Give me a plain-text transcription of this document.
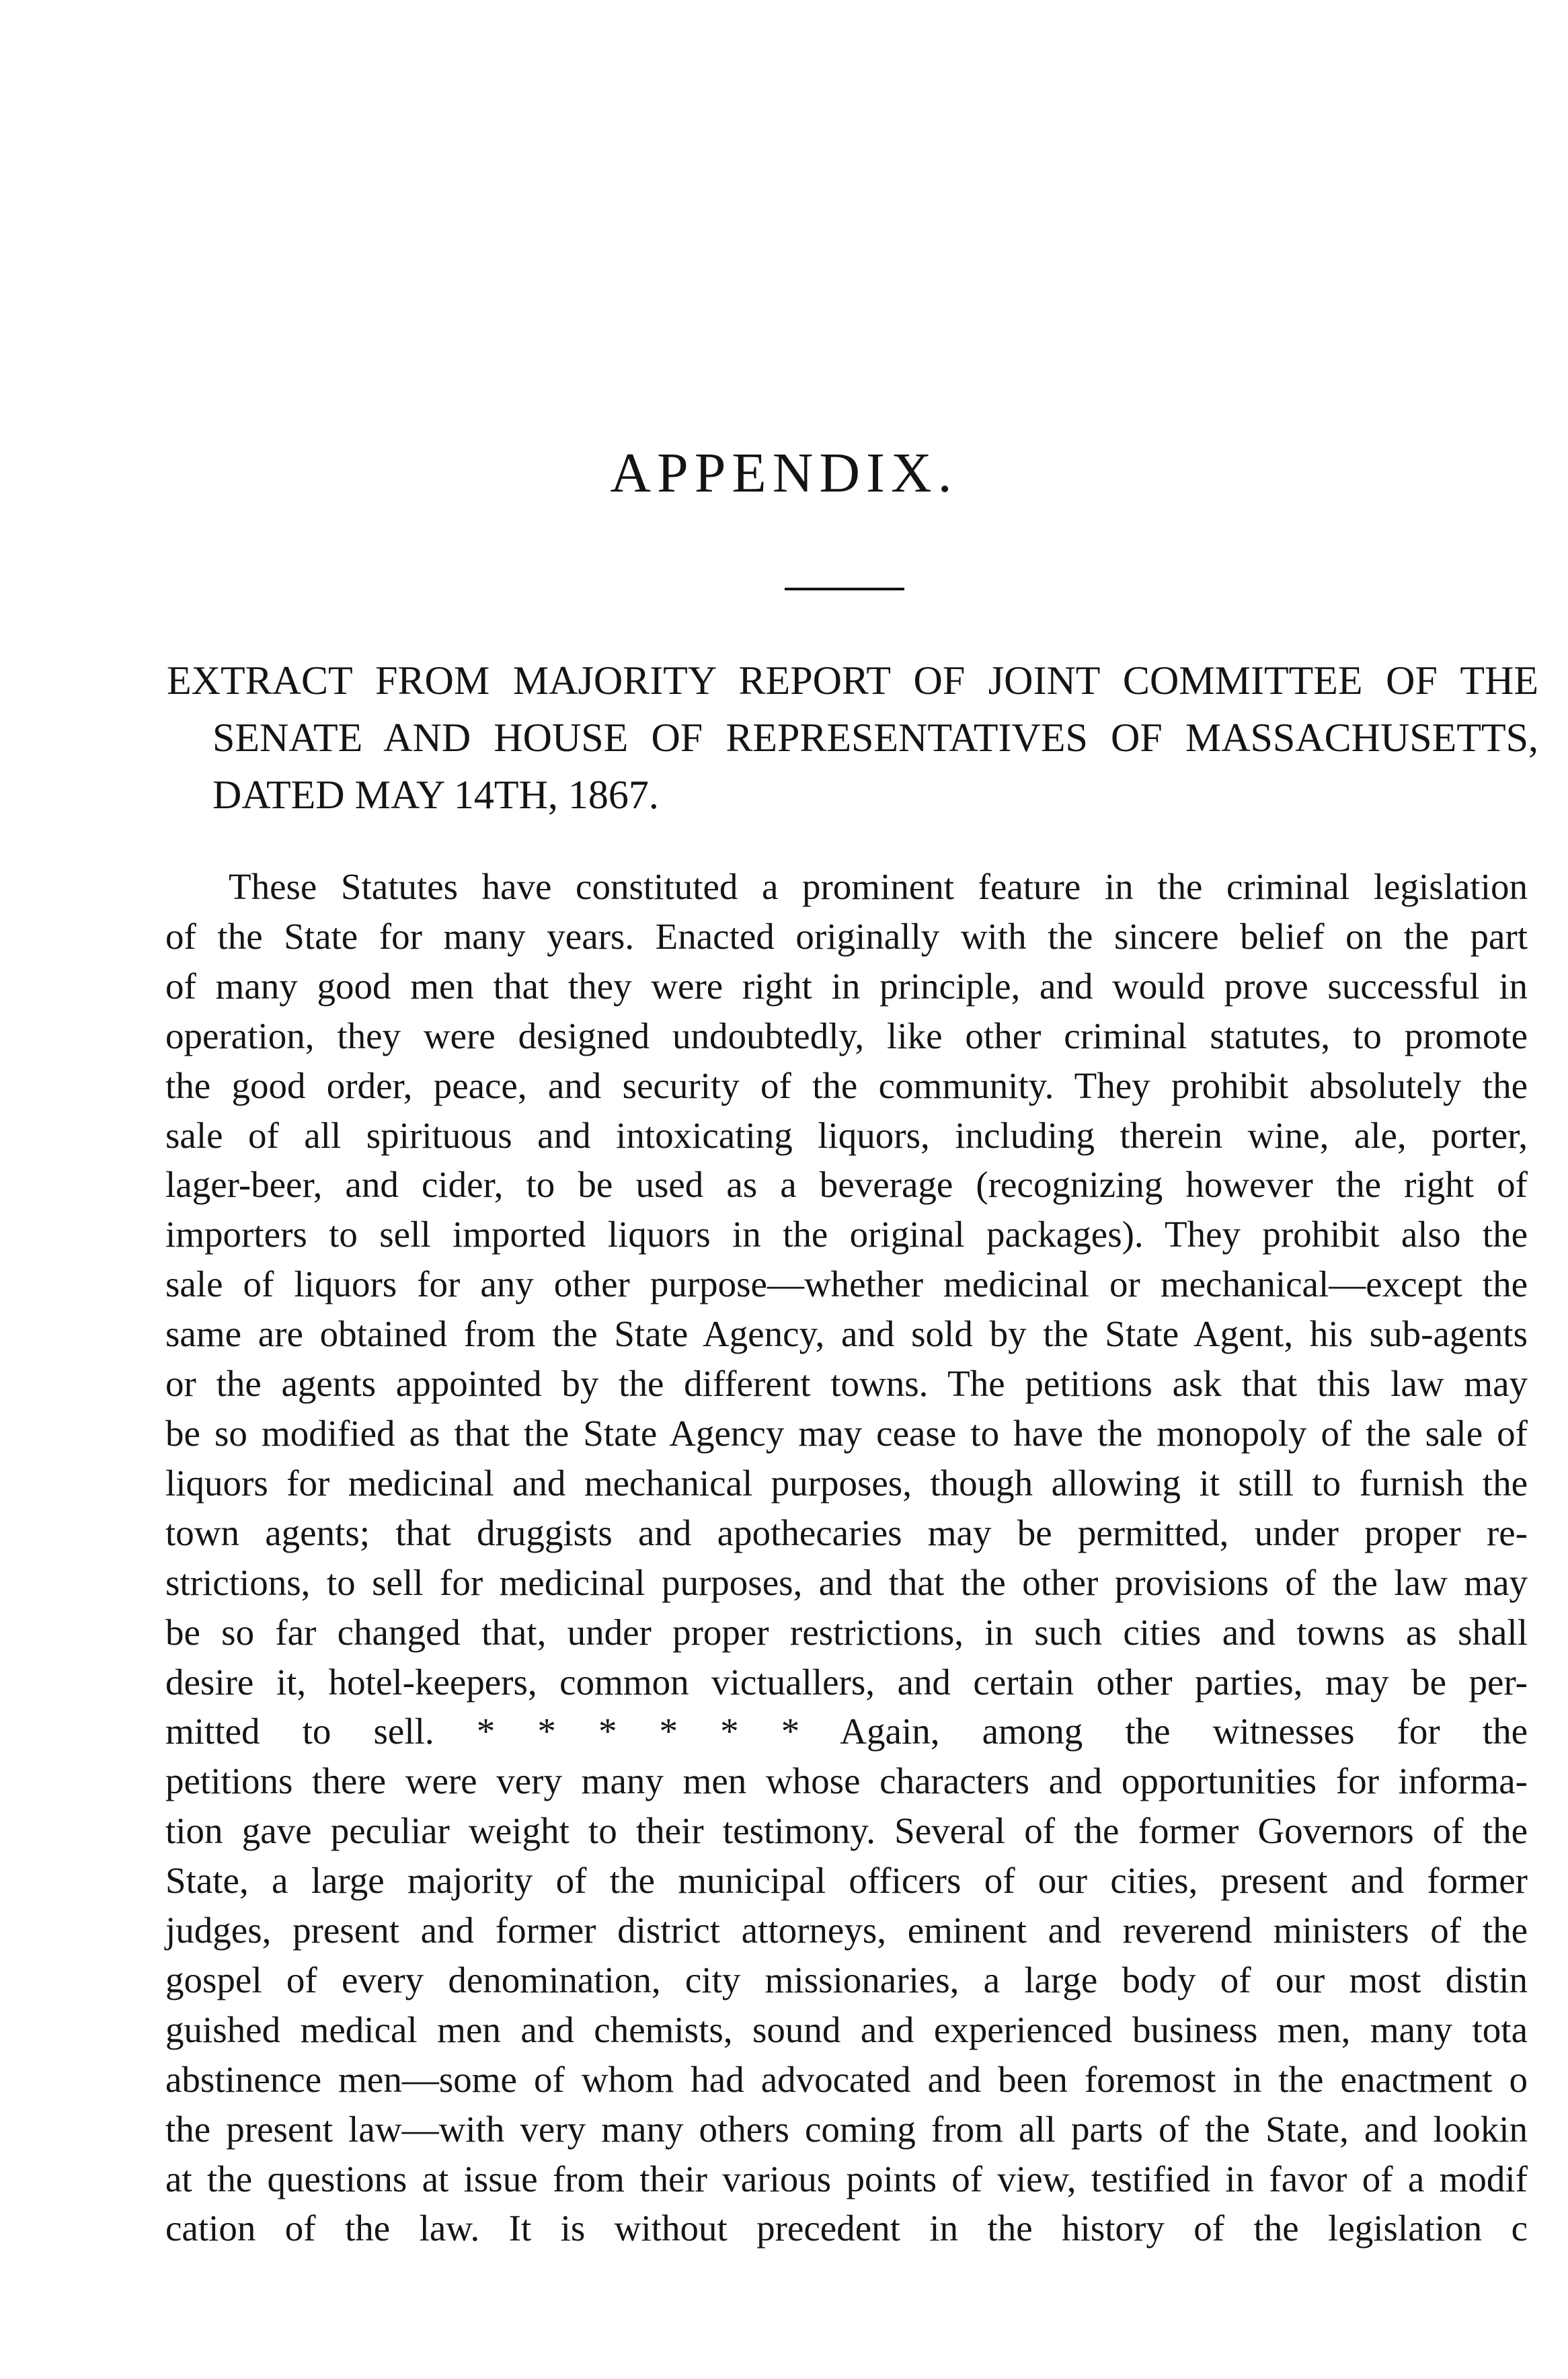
APPENDIX.
EXTRACT FROM MAJORITY REPORT OF JOINT COMMITTEE OF THE
SENATE AND HOUSE OF REPRESENTATIVES OF MASSACHUSETTS,
DATED MAY 14TH, 1867.
These Statutes have constituted a prominent feature in the criminal legislation
of the State for many years. Enacted originally with the sincere belief on the part
of many good men that they were right in principle, and would prove successful in
operation, they were designed undoubtedly, like other criminal statutes, to promote
the good order, peace, and security of the community. They prohibit absolutely the
sale of all spirituous and intoxicating liquors, including therein wine, ale, porter,
lager-beer, and cider, to be used as a beverage (recognizing however the right of
importers to sell imported liquors in the original packages). They prohibit also the
sale of liquors for any other purpose—whether medicinal or mechanical—except the
same are obtained from the State Agency, and sold by the State Agent, his sub-agents
or the agents appointed by the different towns. The petitions ask that this law may
be so modified as that the State Agency may cease to have the monopoly of the sale of
liquors for medicinal and mechanical purposes, though allowing it still to furnish the
town agents; that druggists and apothecaries may be permitted, under proper re-
strictions, to sell for medicinal purposes, and that the other provisions of the law may
be so far changed that, under proper restrictions, in such cities and towns as shall
desire it, hotel-keepers, common victuallers, and certain other parties, may be per-
mitted to sell. * * * * * * Again, among the witnesses for the
petitions there were very many men whose characters and opportunities for informa-
tion gave peculiar weight to their testimony. Several of the former Governors of the
State, a large majority of the municipal officers of our cities, present and former
judges, present and former district attorneys, eminent and reverend ministers of the
gospel of every denomination, city missionaries, a large body of our most distin
guished medical men and chemists, sound and experienced business men, many tota
abstinence men—some of whom had advocated and been foremost in the enactment o
the present law—with very many others coming from all parts of the State, and lookin
at the questions at issue from their various points of view, testified in favor of a modif
cation of the law. It is without precedent in the history of the legislation c
